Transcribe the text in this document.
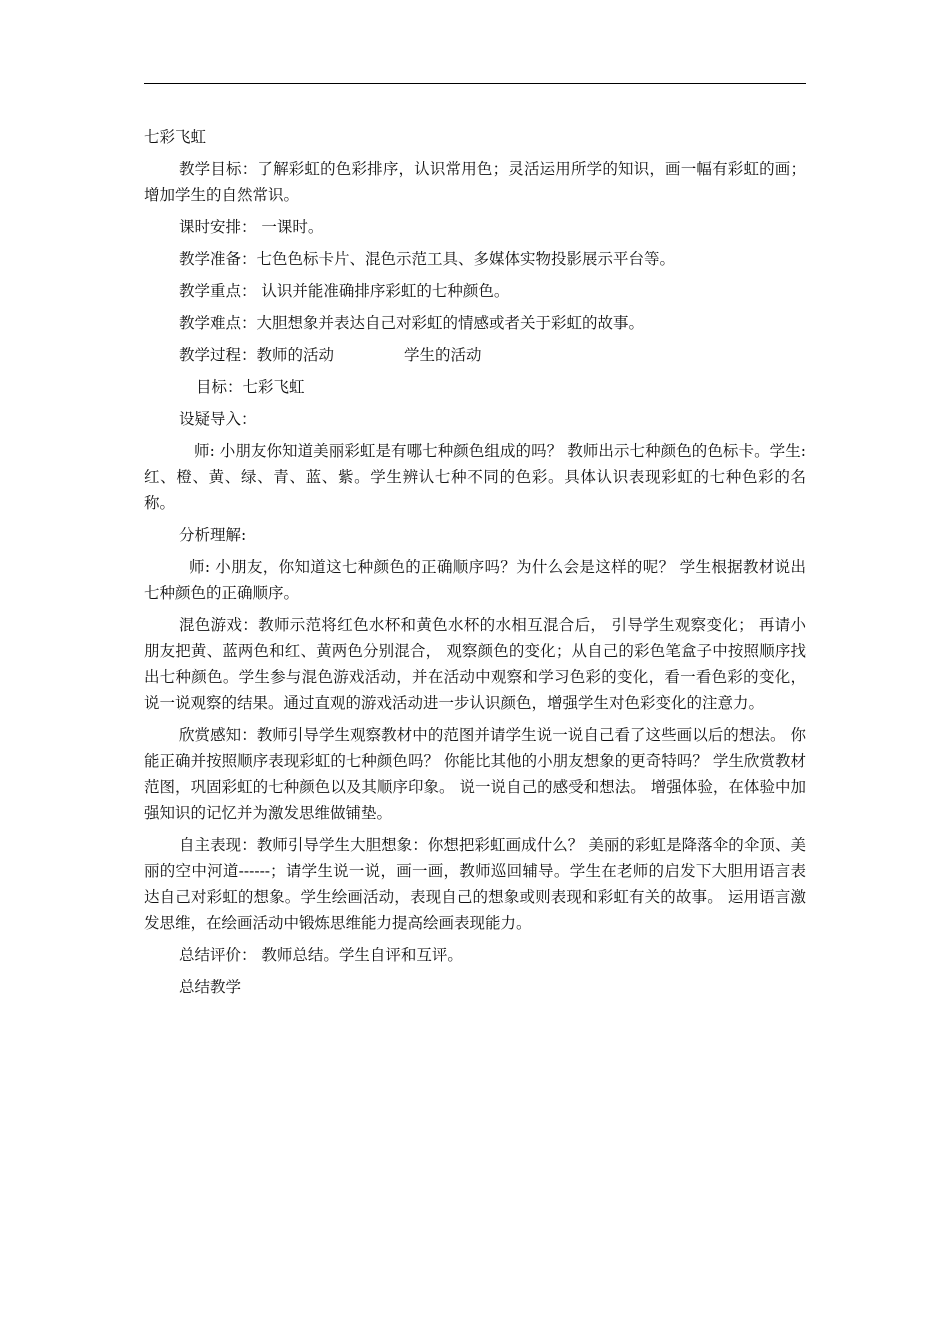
七彩飞虹

教学目标：了解彩虹的色彩排序，认识常用色；灵活运用所学的知识，画一幅有彩虹的画； 增加学生的自然常识。

课时安排： 一课时。

教学准备：七色色标卡片、混色示范工具、多媒体实物投影展示平台等。

教学重点： 认识并能准确排序彩虹的七种颜色。

教学难点：大胆想象并表达自己对彩虹的情感或者关于彩虹的故事。

教学过程：教师的活动	学生的活动

目标：七彩飞虹

设疑导入：

师: 小朋友你知道美丽彩虹是有哪七种颜色组成的吗？ 教师出示七种颜色的色标卡。学生: 红、橙、黄、绿、青、蓝、紫。学生辨认七种不同的色彩。具体认识表现彩虹的七种色彩的名称。

分析理解:

师: 小朋友，你知道这七种颜色的正确顺序吗？为什么会是这样的呢？ 学生根据教材说出七种颜色的正确顺序。

混色游戏：教师示范将红色水杯和黄色水杯的水相互混合后， 引导学生观察变化； 再请小朋友把黄、蓝两色和红、黄两色分别混合， 观察颜色的变化；从自己的彩色笔盒子中按照顺序找出七种颜色。学生参与混色游戏活动，并在活动中观察和学习色彩的变化，看一看色彩的变化，说一说观察的结果。通过直观的游戏活动进一步认识颜色，增强学生对色彩变化的注意力。

欣赏感知：教师引导学生观察教材中的范图并请学生说一说自己看了这些画以后的想法。 你能正确并按照顺序表现彩虹的七种颜色吗？ 你能比其他的小朋友想象的更奇特吗？ 学生欣赏教材范图，巩固彩虹的七种颜色以及其顺序印象。 说一说自己的感受和想法。 增强体验，在体验中加强知识的记忆并为激发思维做铺垫。

自主表现：教师引导学生大胆想象：你想把彩虹画成什么？ 美丽的彩虹是降落伞的伞顶、美丽的空中河道------；请学生说一说，画一画，教师巡回辅导。学生在老师的启发下大胆用语言表达自己对彩虹的想象。学生绘画活动，表现自己的想象或则表现和彩虹有关的故事。 运用语言激发思维，在绘画活动中锻炼思维能力提高绘画表现能力。

总结评价： 教师总结。学生自评和互评。

总结教学
